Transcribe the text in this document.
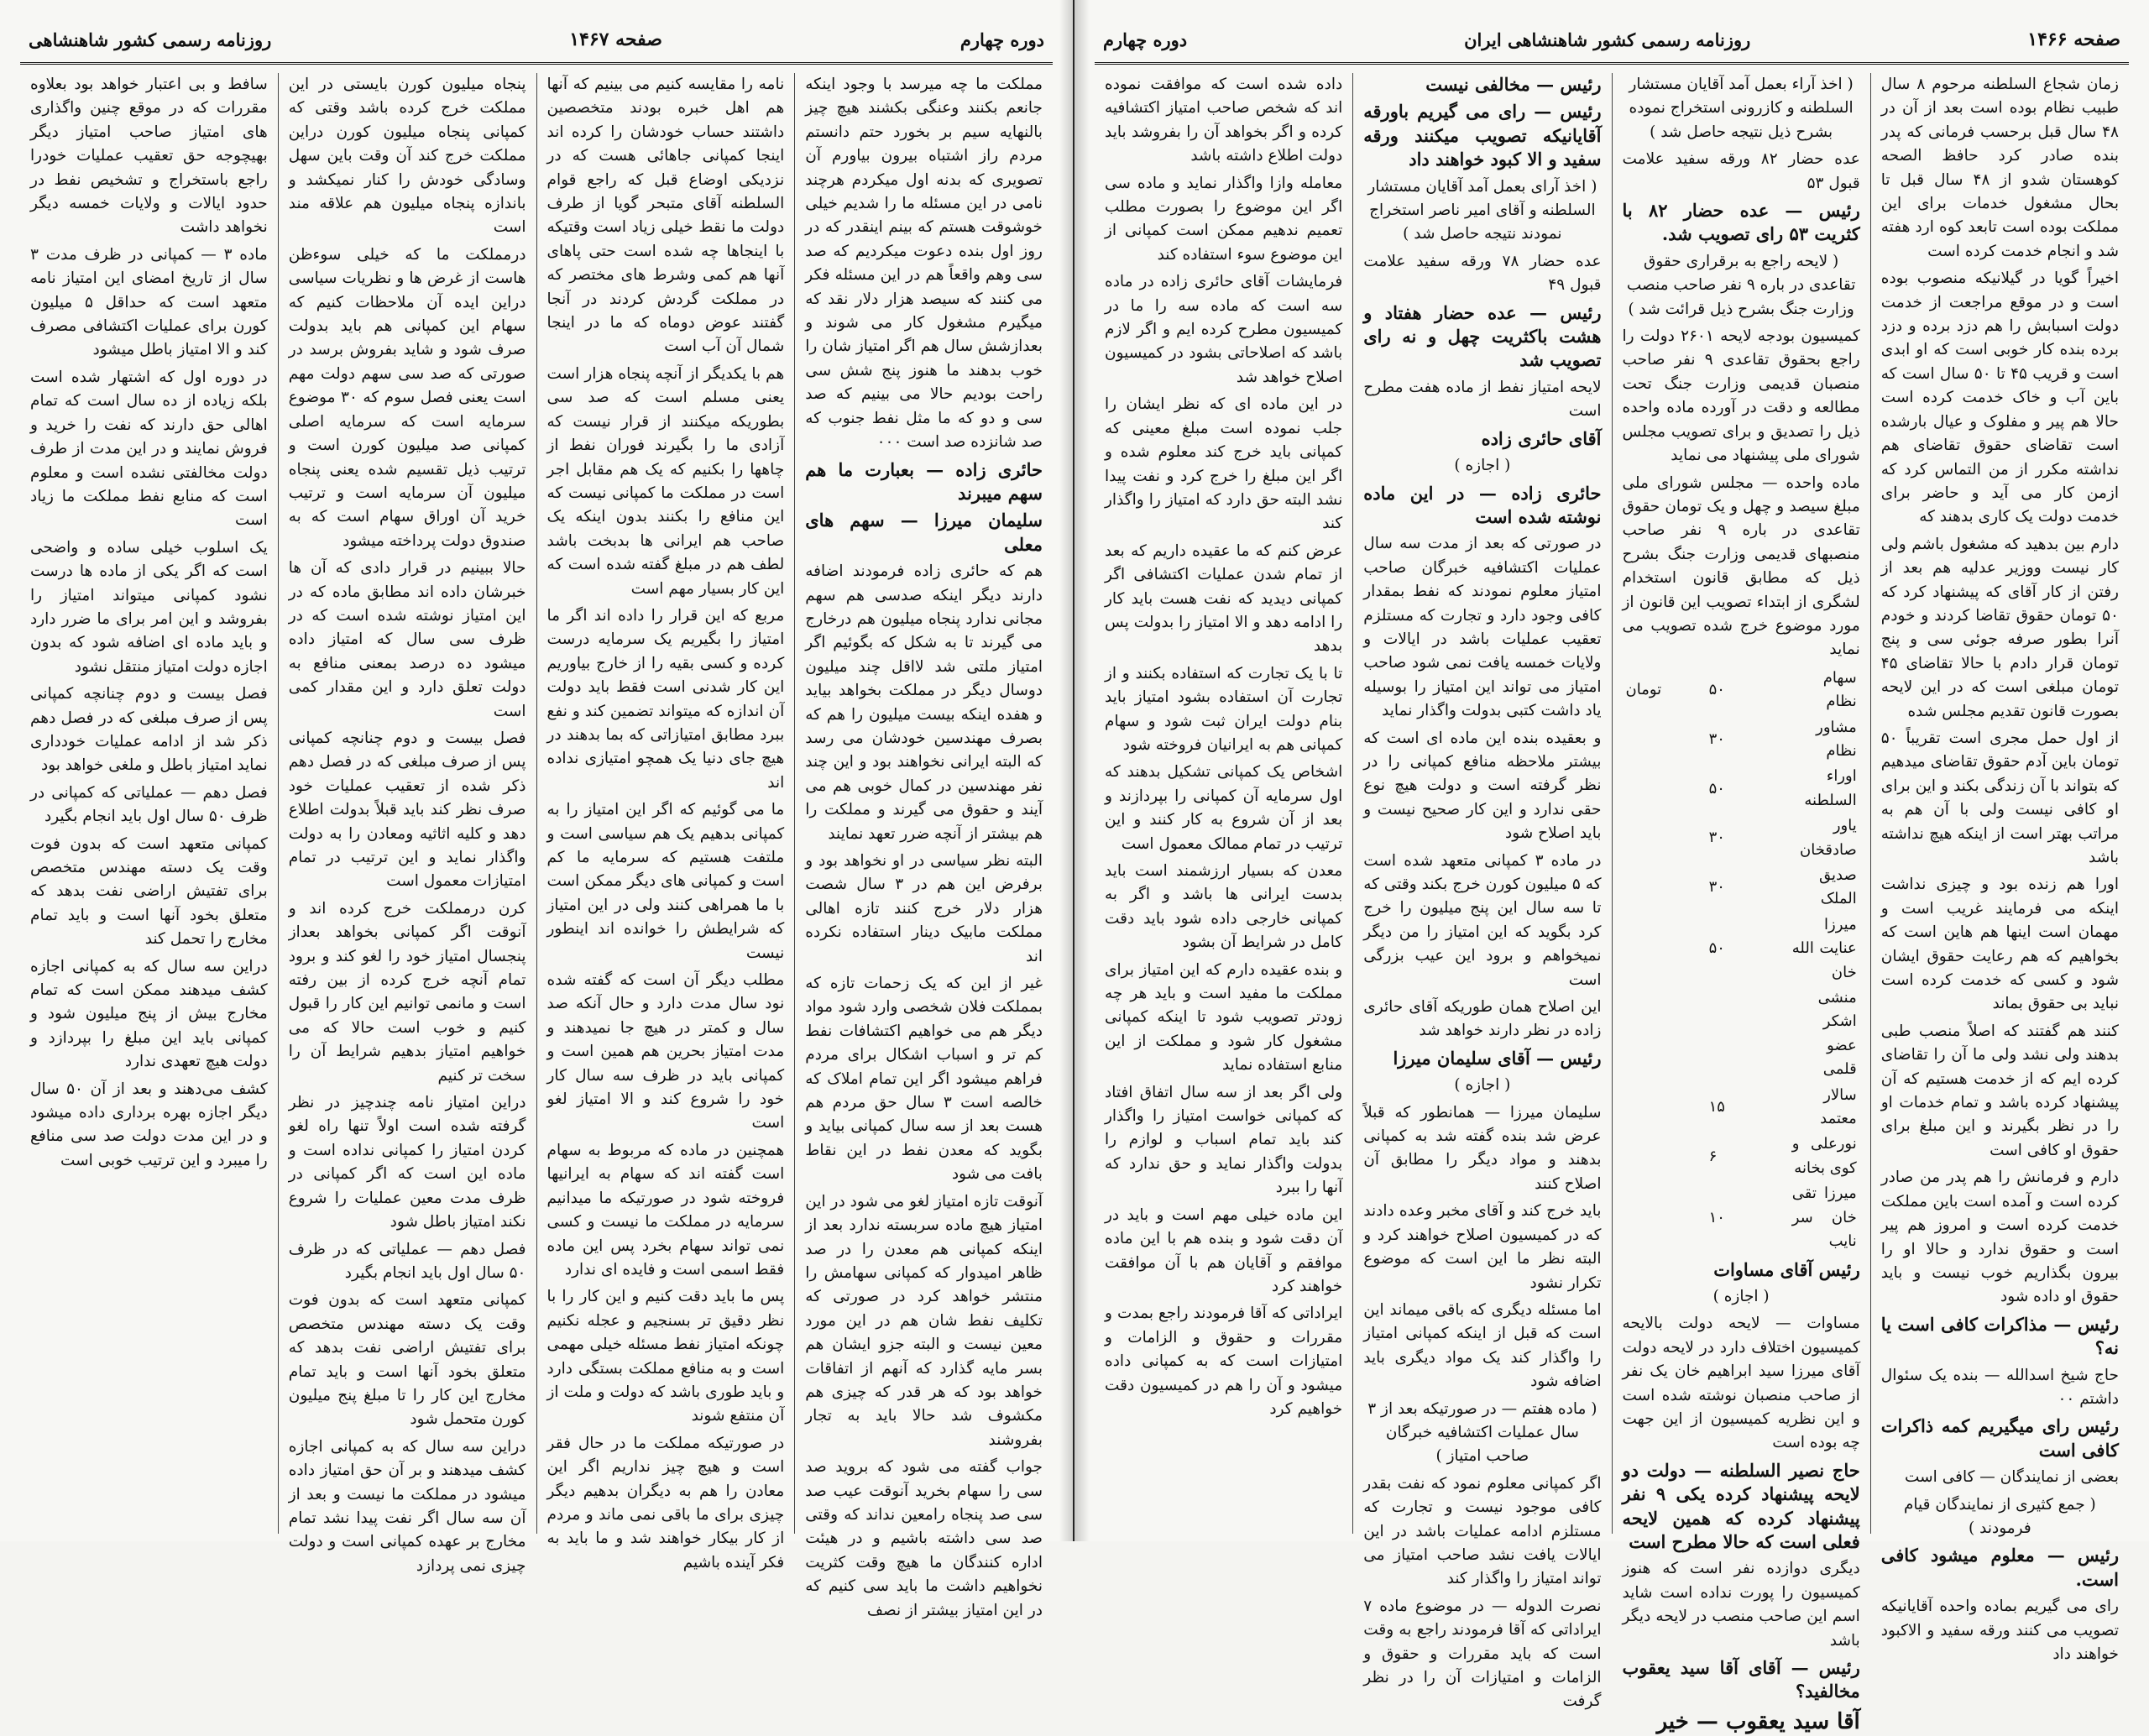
دوره چهارم
صفحه ۱۴۶۷
روزنامه رسمی کشور شاهنشاهی

مملکت ما چه میرسد با وجود اینکه جانعم بکنند وعنگی بکشند هیچ چیز بالنهایه سیم بر بخورد حتم دانستم مردم راز اشتباه بیرون بیاورم آن تصویری که بدنه اول میکردم هرچند نامی در این مسئله ما را شدیم خیلی خوشوقت هستم که بینم اینقدر که در روز اول بنده دعوت میکردیم که صد سی وهم واقعاً هم در این مسئله فکر می کنند که سیصد هزار دلار نقد که میگیرم مشغول کار می شوند و بعدازشش سال هم اگر امتیاز شان را خوب بدهند ما هنوز پنج شش سی راحت بودیم حالا می بینیم که صد سی و دو که ما مثل نفط جنوب که صد شانزده صد است ۰۰۰

حائری زاده — بعبارت ما هم سهم میبرند

سلیمان میرزا — سهم های معلی

هم که حائری زاده فرمودند اضافه دارند دیگر اینکه صدسی هم سهم مجانی ندارد پنجاه میلیون هم درخارج می گیرند تا به شکل که بگوئیم اگر امتیاز ملتی شد لااقل چند میلیون دوسال دیگر در مملکت بخواهد بیاید و هفده اینکه بیست میلیون را هم که بصرف مهندسین خودشان می رسد که البته ایرانی نخواهند بود و این چند نفر مهندسین در کمال خوبی هم می آیند و حقوق می گیرند و مملکت را هم بیشتر از آنچه ضرر تعهد نمایند

البته نظر سیاسی در او نخواهد بود و برفرض این هم در ۳ سال شصت هزار دلار خرج کنند تازه اهالی مملکت مابیک دینار استفاده نکرده اند

غیر از این که یک زحمات تازه که بمملکت فلان شخصی وارد شود مواد دیگر هم می خواهیم اکتشافات نفط کم تر و اسباب اشکال برای مردم فراهم میشود اگر این تمام املاک که خالصه است ۳ سال حق مردم هم هست بعد از سه سال کمپانی بیاید و بگوید که معدن نفط در این نقاط بافت می شود

آنوقت تازه امتیاز لغو می شود در این امتیاز هیچ ماده سربسته ندارد بعد از اینکه کمپانی هم معدن را در صد ظاهر امیدوار که کمپانی سهامش را منتشر خواهد کرد در صورتی که تکلیف نفط شان هم در این مورد معین نیست و البته جزو ایشان هم بسر مایه گذارد که آنهم از اتفاقات خواهد بود که هر قدر که چیزی هم مکشوف شد حالا باید به تجار بفروشند

جواب گفته می شود که بروید صد سی را سهام بخرید آنوقت عیب صد سی صد پنجاه رامعین نداند که وقتی صد سی داشته باشیم و در هیئت اداره کنندگان ما هیچ وقت کثریت نخواهیم داشت ما باید سی کنیم که در این امتیاز بیشتر از نصف

نامه را مقایسه کنیم می بینیم که آنها هم اهل خبره بودند متخصصین داشتند حساب خودشان را کرده اند اینجا کمپانی جاهائی هست که در نزدیکی اوضاع قبل که راجع قوام السلطنه آقای متبحر گویا از طرف دولت ما نقط خیلی زیاد است وقتیکه با اینجاها چه شده است حتی پاهای آنها هم کمی وشرط های مختصر که در مملکت گردش کردند در آنجا گفتند عوض دوماه که ما در اینجا شمال آن آب است

هم با یکدیگر از آنچه پنجاه هزار است یعنی مسلم است که صد سی بطوریکه میکنند از قرار نیست که آزادی ما را بگیرند فوران نفط از چاهها را بکنیم که یک هم مقابل اجر است در مملکت ما کمپانی نیست که این منافع را بکنند بدون اینکه یک صاحب هم ایرانی ها بدبخت باشد لطف هم در مبلغ گفته شده است که این کار بسیار مهم است

مربع که این قرار را داده اند اگر ما امتیاز را بگیریم یک سرمایه درست کرده و کسی بقیه را از خارج بیاوریم این کار شدنی است فقط باید دولت آن اندازه که میتواند تضمین کند و نفع ببرد مطابق امتیازاتی که بما بدهند در هیچ جای دنیا یک همچو امتیازی نداده اند

ما می گوئیم که اگر این امتیاز را به کمپانی بدهیم یک هم سیاسی است و ملتفت هستیم که سرمایه ما کم است و کمپانی های دیگر ممکن است با ما همراهی کنند ولی در این امتیاز که شرایطش را خوانده اند اینطور نیست

مطلب دیگر آن است که گفته شده نود سال مدت دارد و حال آنکه صد سال و کمتر در هیچ جا نمیدهند و مدت امتیاز بحرین هم همین است و کمپانی باید در ظرف سه سال کار خود را شروع کند و الا امتیاز لغو است

همچنین در ماده که مربوط به سهام است گفته اند که سهام به ایرانیها فروخته شود در صورتیکه ما میدانیم سرمایه در مملکت ما نیست و کسی نمی تواند سهام بخرد پس این ماده فقط اسمی است و فایده ای ندارد

پس ما باید دقت کنیم و این کار را با نظر دقیق تر بسنجیم و عجله نکنیم چونکه امتیاز نفط مسئله خیلی مهمی است و به منافع مملکت بستگی دارد و باید طوری باشد که دولت و ملت از آن منتفع شوند

در صورتیکه مملکت ما در حال فقر است و هیچ چیز نداریم اگر این معادن را هم به دیگران بدهیم دیگر چیزی برای ما باقی نمی ماند و مردم از کار بیکار خواهند شد و ما باید به فکر آینده باشیم

پنجاه میلیون کورن بایستی در این مملکت خرج کرده باشد وقتی که کمپانی پنجاه میلیون کورن دراین مملکت خرج کند آن وقت باین سهل وسادگی خودش را کنار نمیکشد و باندازه پنجاه میلیون هم علاقه مند است

درمملکت ما که خیلی سوءظن هاست از غرض ها و نظریات سیاسی دراین ایده آن ملاحظات کنیم که سهام این کمپانی هم باید بدولت صرف شود و شاید بفروش برسد در صورتی که صد سی سهم دولت مهم است یعنی فصل سوم که ۳۰ موضوع سرمایه است که سرمایه اصلی کمپانی صد میلیون کورن است و ترتیب ذیل تقسیم شده یعنی پنجاه میلیون آن سرمایه است و ترتیب خرید آن اوراق سهام است که به صندوق دولت پرداخته میشود

حالا ببینیم در قرار دادی که آن ها خبرشان داده اند مطابق ماده که در این امتیاز نوشته شده است که در ظرف سی سال که امتیاز داده میشود ده درصد بمعنی منافع به دولت تعلق دارد و این مقدار کمی است

فصل بیست و دوم چنانچه کمپانی پس از صرف مبلغی که در فصل دهم ذکر شده از تعقیب عملیات خود صرف نظر کند باید قبلاً بدولت اطلاع دهد و کلیه اثاثیه ومعادن را به دولت واگذار نماید و این ترتیب در تمام امتیازات معمول است

کرن درمملکت خرج کرده اند و آنوقت اگر کمپانی بخواهد بعداز پنجسال امتیاز خود را لغو کند و برود تمام آنچه خرج کرده از بین رفته است و مانمی توانیم این کار را قبول کنیم و خوب است حالا که می خواهیم امتیاز بدهیم شرایط آن را سخت تر کنیم

دراین امتیاز نامه چندچیز در نظر گرفته شده است اولاً تنها راه لغو کردن امتیاز را کمپانی نداده است و ماده این است که اگر کمپانی در ظرف مدت معین عملیات را شروع نکند امتیاز باطل شود

فصل دهم — عملیاتی که در ظرف ۵۰ سال اول باید انجام بگیرد

کمپانی متعهد است که بدون فوت وقت یک دسته مهندس متخصص برای تفتیش اراضی نفت بدهد که متعلق بخود آنها است و باید تمام مخارج این کار را تا مبلغ پنج میلیون کورن متحمل شود

دراین سه سال که به کمپانی اجازه کشف میدهند و بر آن حق امتیاز داده میشود در مملکت ما نیست و بعد از آن سه سال اگر نفت پیدا نشد تمام مخارج بر عهده کمپانی است و دولت چیزی نمی پردازد

سافط و بی اعتبار خواهد بود بعلاوه مقررات که در موقع چنین واگذاری های امتیاز صاحب امتیاز دیگر بهیچوجه حق تعقیب عملیات خودرا راجع باستخراج و تشخیص نفط در حدود ایالات و ولایات خمسه دیگر نخواهد داشت

ماده ۳ — کمپانی در ظرف مدت ۳ سال از تاریخ امضای این امتیاز نامه متعهد است که حداقل ۵ میلیون کورن برای عملیات اکتشافی مصرف کند و الا امتیاز باطل میشود

در دوره اول که اشتهار شده است بلکه زیاده از ده سال است که تمام اهالی حق دارند که نفت را خرید و فروش نمایند و در این مدت از طرف دولت مخالفتی نشده است و معلوم است که منابع نفط مملکت ما زیاد است

یک اسلوب خیلی ساده و واضحی است که اگر یکی از ماده ها درست نشود کمپانی میتواند امتیاز را بفروشد و این امر برای ما ضرر دارد و باید ماده ای اضافه شود که بدون اجازه دولت امتیاز منتقل نشود

فصل بیست و دوم چنانچه کمپانی پس از صرف مبلغی که در فصل دهم ذکر شد از ادامه عملیات خودداری نماید امتیاز باطل و ملغی خواهد بود

فصل دهم — عملیاتی که کمپانی در ظرف ۵۰ سال اول باید انجام بگیرد

کمپانی متعهد است که بدون فوت وقت یک دسته مهندس متخصص برای تفتیش اراضی نفت بدهد که متعلق بخود آنها است و باید تمام مخارج را تحمل کند

دراین سه سال که به کمپانی اجازه کشف میدهند ممکن است که تمام مخارج بیش از پنج میلیون شود و کمپانی باید این مبلغ را بپردازد و دولت هیچ تعهدی ندارد

کشف می‌دهند و بعد از آن ۵۰ سال دیگر اجازه بهره برداری داده میشود و در این مدت دولت صد سی منافع را میبرد و این ترتیب خوبی است

صفحه ۱۴۶۶
روزنامه رسمی کشور شاهنشاهی ایران
دوره چهارم

زمان شجاع السلطنه مرحوم ۸ سال طبیب نظام بوده است بعد از آن در ۴۸ سال قبل برحسب فرمانی که پدر بنده صادر کرد حافظ الصحه کوهستان شدو از ۴۸ سال قبل تا بحال مشغول خدمات برای این مملکت بوده است تابعد کوه ارد هفته شد و انجام خدمت کرده است

اخیراً گویا در گیلانیکه منصوب بوده است و در موقع مراجعت از خدمت دولت اسبابش را هم دزد برده و دزد برده بنده کار خوبی است که او ابدی است و قریب ۴۵ تا ۵۰ سال است که باین آب و خاک خدمت کرده است حالا هم پیر و مفلوک و عیال بارشده است تقاضای حقوق تقاضای هم نداشته مکرر از من التماس کرد که ازمن کار می آید و حاضر برای خدمت دولت یک کاری بدهند که

دارم بین بدهید که مشغول باشم ولی کار نیست ووزیر عدلیه هم بعد از رفتن از کار آقای که پیشنهاد کرد که ۵۰ تومان حقوق تقاضا کردند و خودم آنرا بطور صرفه جوئی سی و پنج تومان قرار دادم با حالا تقاضای ۴۵ تومان مبلغی است که در این لایحه بصورت قانون تقدیم مجلس شده

از اول حمل مجری است تقریباً ۵۰ تومان باین آدم حقوق تقاضای میدهیم که بتواند با آن زندگی بکند و این برای او کافی نیست ولی با آن هم به مراتب بهتر است از اینکه هیچ نداشته باشد

اورا هم زنده بود و چیزی نداشت اینکه می فرمایند غریب است و مهمان است اینها هم هاین است که بخواهیم که هم رعایت حقوق ایشان شود و کسی که خدمت کرده است نباید بی حقوق بماند

کنند هم گفتند که اصلاً منصب طبی بدهند ولی نشد ولی ما آن را تقاضای کرده ایم که از خدمت هستیم که آن پیشنهاد کرده باشد و تمام خدمات او را در نظر بگیرند و این مبلغ برای حقوق او کافی است

دارم و فرمانش را هم پدر من صادر کرده است و آمده است باین مملکت خدمت کرده است و امروز هم پیر است و حقوق ندارد و حالا او را بیرون بگذاریم خوب نیست و باید حقوق او داده شود

رئیس — مذاکرات کافی است یا نه؟

حاج شیخ اسدالله — بنده یک سئوال داشتم ۰۰

رئیس رای میگیریم کمه ذاکرات کافی است

بعضی از نمایندگان — کافی است

( جمع کثیری از نمایندگان قیام فرمودند )

رئیس — معلوم میشود کافی است.

رای می گیریم بماده واحده آقایانیکه تصویب می کنند ورقه سفید و الاکبود خواهند داد

( اخذ آراء بعمل آمد آقایان مستشار السلطنه و کازرونی استخراج نموده بشرح ذیل نتیجه حاصل شد )

عده حضار ۸۲ ورقه سفید علامت قبول ۵۳

رئیس — عده حضار ۸۲ با کثریت ۵۳ رای تصویب شد.

( لایحه راجع به برقراری حقوق تقاعدی در باره ۹ نفر صاحب منصب وزارت جنگ بشرح ذیل قرائت شد )

کمیسیون بودجه لایحه ۲۶۰۱ دولت را راجع بحقوق تقاعدی ۹ نفر صاحب منصبان قدیمی وزارت جنگ تحت مطالعه و دقت در آورده ماده واحده ذیل را تصدیق و برای تصویب مجلس شورای ملی پیشنهاد می نماید

ماده واحده — مجلس شورای ملی مبلغ سیصد و چهل و یک تومان حقوق تقاعدی در باره ۹ نفر صاحب منصبهای قدیمی وزارت جنگ بشرح ذیل که مطابق قانون استخدام لشگری از ابتداء تصویب این قانون از مورد موضوع خرج شده تصویب می نماید

سهام نظام	۵۰	تومان
مشاور نظام	۳۰	
اوراء السلطنه	۵۰	
یاور صادقخان	۳۰	
صدیق الملک	۳۰	
میرزا عنایت الله خان	۵۰	
منشی اشکر عضو قلمی		
سالار معتمد	۱۵	
نورعلی و کوی بخانه	۶	
میرزا تقی خان سر نایب	۱۰	

رئیس آقای مساوات

( اجازه )

مساوات — لایحه دولت بالایحه کمیسیون اختلاف دارد در لایحه دولت آقای میرزا سید ابراهیم خان یک نفر از صاحب منصبان نوشته شده است و این نظریه کمیسیون از این جهت چه بوده است

حاج نصیر السلطنه — دولت دو لایحه پیشنهاد کرده یکی ۹ نفر پیشنهاد کرده که همین لایحه فعلی است که حالا مطرح است

دیگری دوازده نفر است که هنوز کمیسیون را پورت نداده است شاید اسم این صاحب منصب در لایحه دیگر باشد

رئیس — آقای آقا سید یعقوب مخالفید؟

آقا سید یعقوب — خیر

رئیس — مخالفی نیست

رئیس — رای می گیریم باورقه آقایانیکه تصویب میکنند ورقه سفید و الا کبود خواهند داد

( اخذ آرای بعمل آمد آقایان مستشار السلطنه و آقای امیر ناصر استخراج نمودند نتیجه حاصل شد )

عده حضار ۷۸ ورقه سفید علامت قبول ۴۹

رئیس — عده حضار هفتاد و هشت باکثریت چهل و نه رای تصویب شد

لایحه امتیاز نفط از ماده هفت مطرح است

آقای حائری زاده

( اجازه )

حائری زاده — در این ماده نوشته شده است

در صورتی که بعد از مدت سه سال عملیات اکتشافیه خبرگان صاحب امتیاز معلوم نمودند که نفط بمقدار کافی وجود دارد و تجارت که مستلزم تعقیب عملیات باشد در ایالات و ولایات خمسه یافت نمی شود صاحب امتیاز می تواند این امتیاز را بوسیله یاد داشت کتبی بدولت واگذار نماید

و بعقیده بنده این ماده ای است که بیشتر ملاحظه منافع کمپانی را در نظر گرفته است و دولت هیچ نوع حقی ندارد و این کار صحیح نیست و باید اصلاح شود

در ماده ۳ کمپانی متعهد شده است که ۵ میلیون کورن خرج بکند وقتی که تا سه سال این پنج میلیون را خرج کرد بگوید که این امتیاز را من دیگر نمیخواهم و برود این عیب بزرگی است

این اصلاح همان طوریکه آقای حائری زاده در نظر دارند خواهد شد

رئیس — آقای سلیمان میرزا

( اجازه )

سلیمان میرزا — همانطور که قبلاً عرض شد بنده گفته شد به کمپانی بدهند و مواد دیگر را مطابق آن اصلاح کنند

باید خرج کند و آقای مخبر وعده دادند که در کمیسیون اصلاح خواهند کرد و البته نظر ما این است که موضوع تکرار نشود

اما مسئله دیگری که باقی میماند این است که قبل از اینکه کمپانی امتیاز را واگذار کند یک مواد دیگری باید اضافه شود

( ماده هفتم — در صورتیکه بعد از ۳ سال عملیات اکتشافیه خبرگان صاحب امتیاز )

اگر کمپانی معلوم نمود که نفت بقدر کافی موجود نیست و تجارت که مستلزم ادامه عملیات باشد در این ایالات یافت نشد صاحب امتیاز می تواند امتیاز را واگذار کند

نصرت الدوله — در موضوع ماده ۷ ایراداتی که آقا فرمودند راجع به وقت است که باید مقررات و حقوق و الزامات و امتیازات آن را در نظر گرفت

داده شده است که موافقت نموده اند که شخص صاحب امتیاز اکتشافیه کرده و اگر بخواهد آن را بفروشد باید دولت اطلاع داشته باشد

معامله وازا واگذار نماید و ماده سی اگر این موضوع را بصورت مطلب تعمیم ندهیم ممکن است کمپانی از این موضوع سوء استفاده کند

فرمایشات آقای حائری زاده در ماده سه است که ماده سه را ما در کمیسیون مطرح کرده ایم و اگر لازم باشد که اصلاحاتی بشود در کمیسیون اصلاح خواهد شد

در این ماده ای که نظر ایشان را جلب نموده است مبلغ معینی که کمپانی باید خرج کند معلوم شده و اگر این مبلغ را خرج کرد و نفت پیدا نشد البته حق دارد که امتیاز را واگذار کند

عرض کنم که ما عقیده داریم که بعد از تمام شدن عملیات اکتشافی اگر کمپانی دیدید که نفت هست باید کار را ادامه دهد و الا امتیاز را بدولت پس بدهد

تا با یک تجارت که استفاده بکنند و از تجارت آن استفاده بشود امتیاز باید بنام دولت ایران ثبت شود و سهام کمپانی هم به ایرانیان فروخته شود

اشخاص یک کمپانی تشکیل بدهند که اول سرمایه آن کمپانی را بپردازند و بعد از آن شروع به کار کنند و این ترتیب در تمام ممالک معمول است

معدن که بسیار ارزشمند است باید بدست ایرانی ها باشد و اگر به کمپانی خارجی داده شود باید دقت کامل در شرایط آن بشود

و بنده عقیده دارم که این امتیاز برای مملکت ما مفید است و باید هر چه زودتر تصویب شود تا اینکه کمپانی مشغول کار شود و مملکت از این منابع استفاده نماید

ولی اگر بعد از سه سال اتفاق افتاد که کمپانی خواست امتیاز را واگذار کند باید تمام اسباب و لوازم را بدولت واگذار نماید و حق ندارد که آنها را ببرد

این ماده خیلی مهم است و باید در آن دقت شود و بنده هم با این ماده موافقم و آقایان هم با آن موافقت خواهند کرد

ایراداتی که آقا فرمودند راجع بمدت و مقررات و حقوق و الزامات و امتیازات است که به کمپانی داده میشود و آن را هم در کمیسیون دقت خواهیم کرد
